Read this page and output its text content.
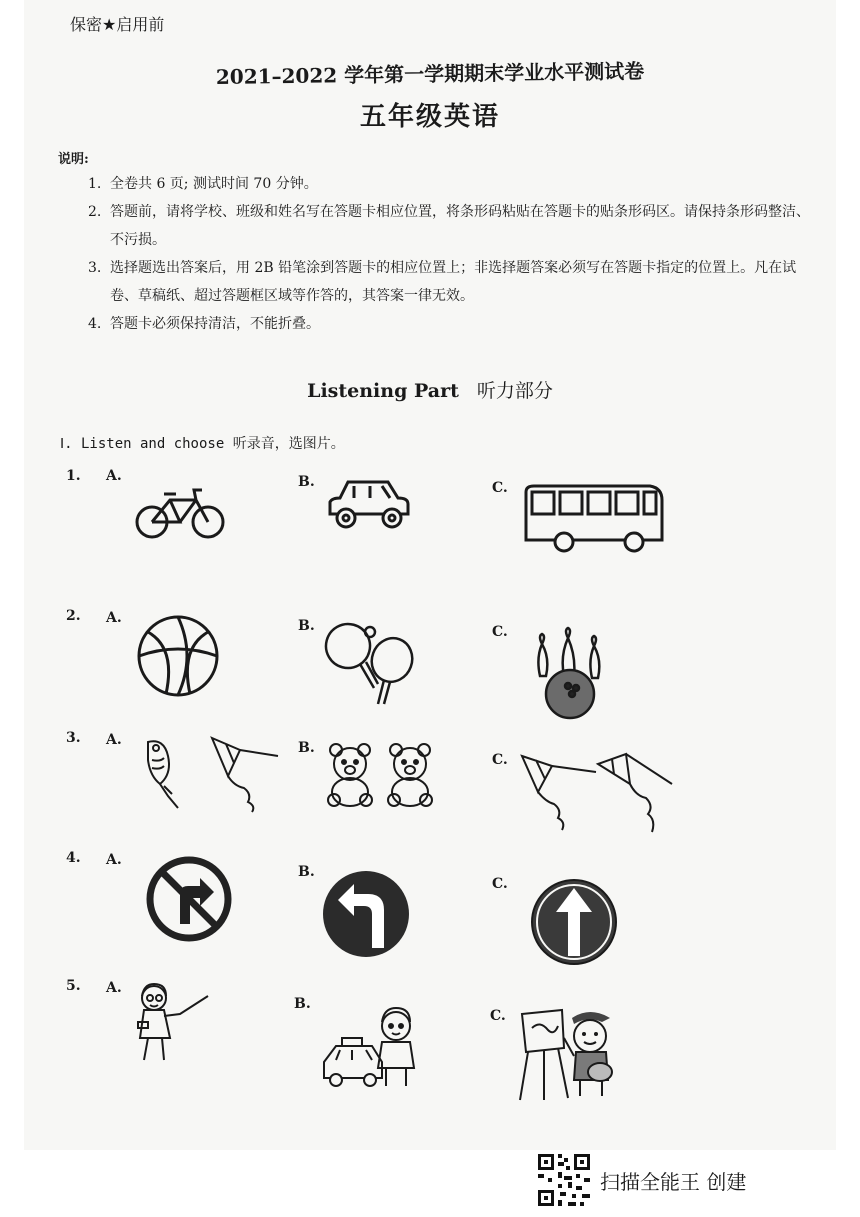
保密★启用前
2021–2022 学年第一学期期末学业水平测试卷
五年级英语
说明:
1. 全卷共 6 页; 测试时间 70 分钟。
2. 答题前，请将学校、班级和姓名写在答题卡相应位置，将条形码粘贴在答题卡的贴条形码区。请保持条形码整洁、不污损。
3. 选择题选出答案后，用 2B 铅笔涂到答题卡的相应位置上；非选择题答案必须写在答题卡指定的位置上。凡在试卷、草稿纸、超过答题框区域等作答的，其答案一律无效。
4. 答题卡必须保持清洁，不能折叠。
Listening Part 听力部分
Ⅰ. Listen and choose 听录音，选图片。
1. A.	B.	C.
2. A.	B.	C.
3. A.	B.
C.
4. A.
B.
C.
5. A.
B.
C.
扫描全能王 创建
